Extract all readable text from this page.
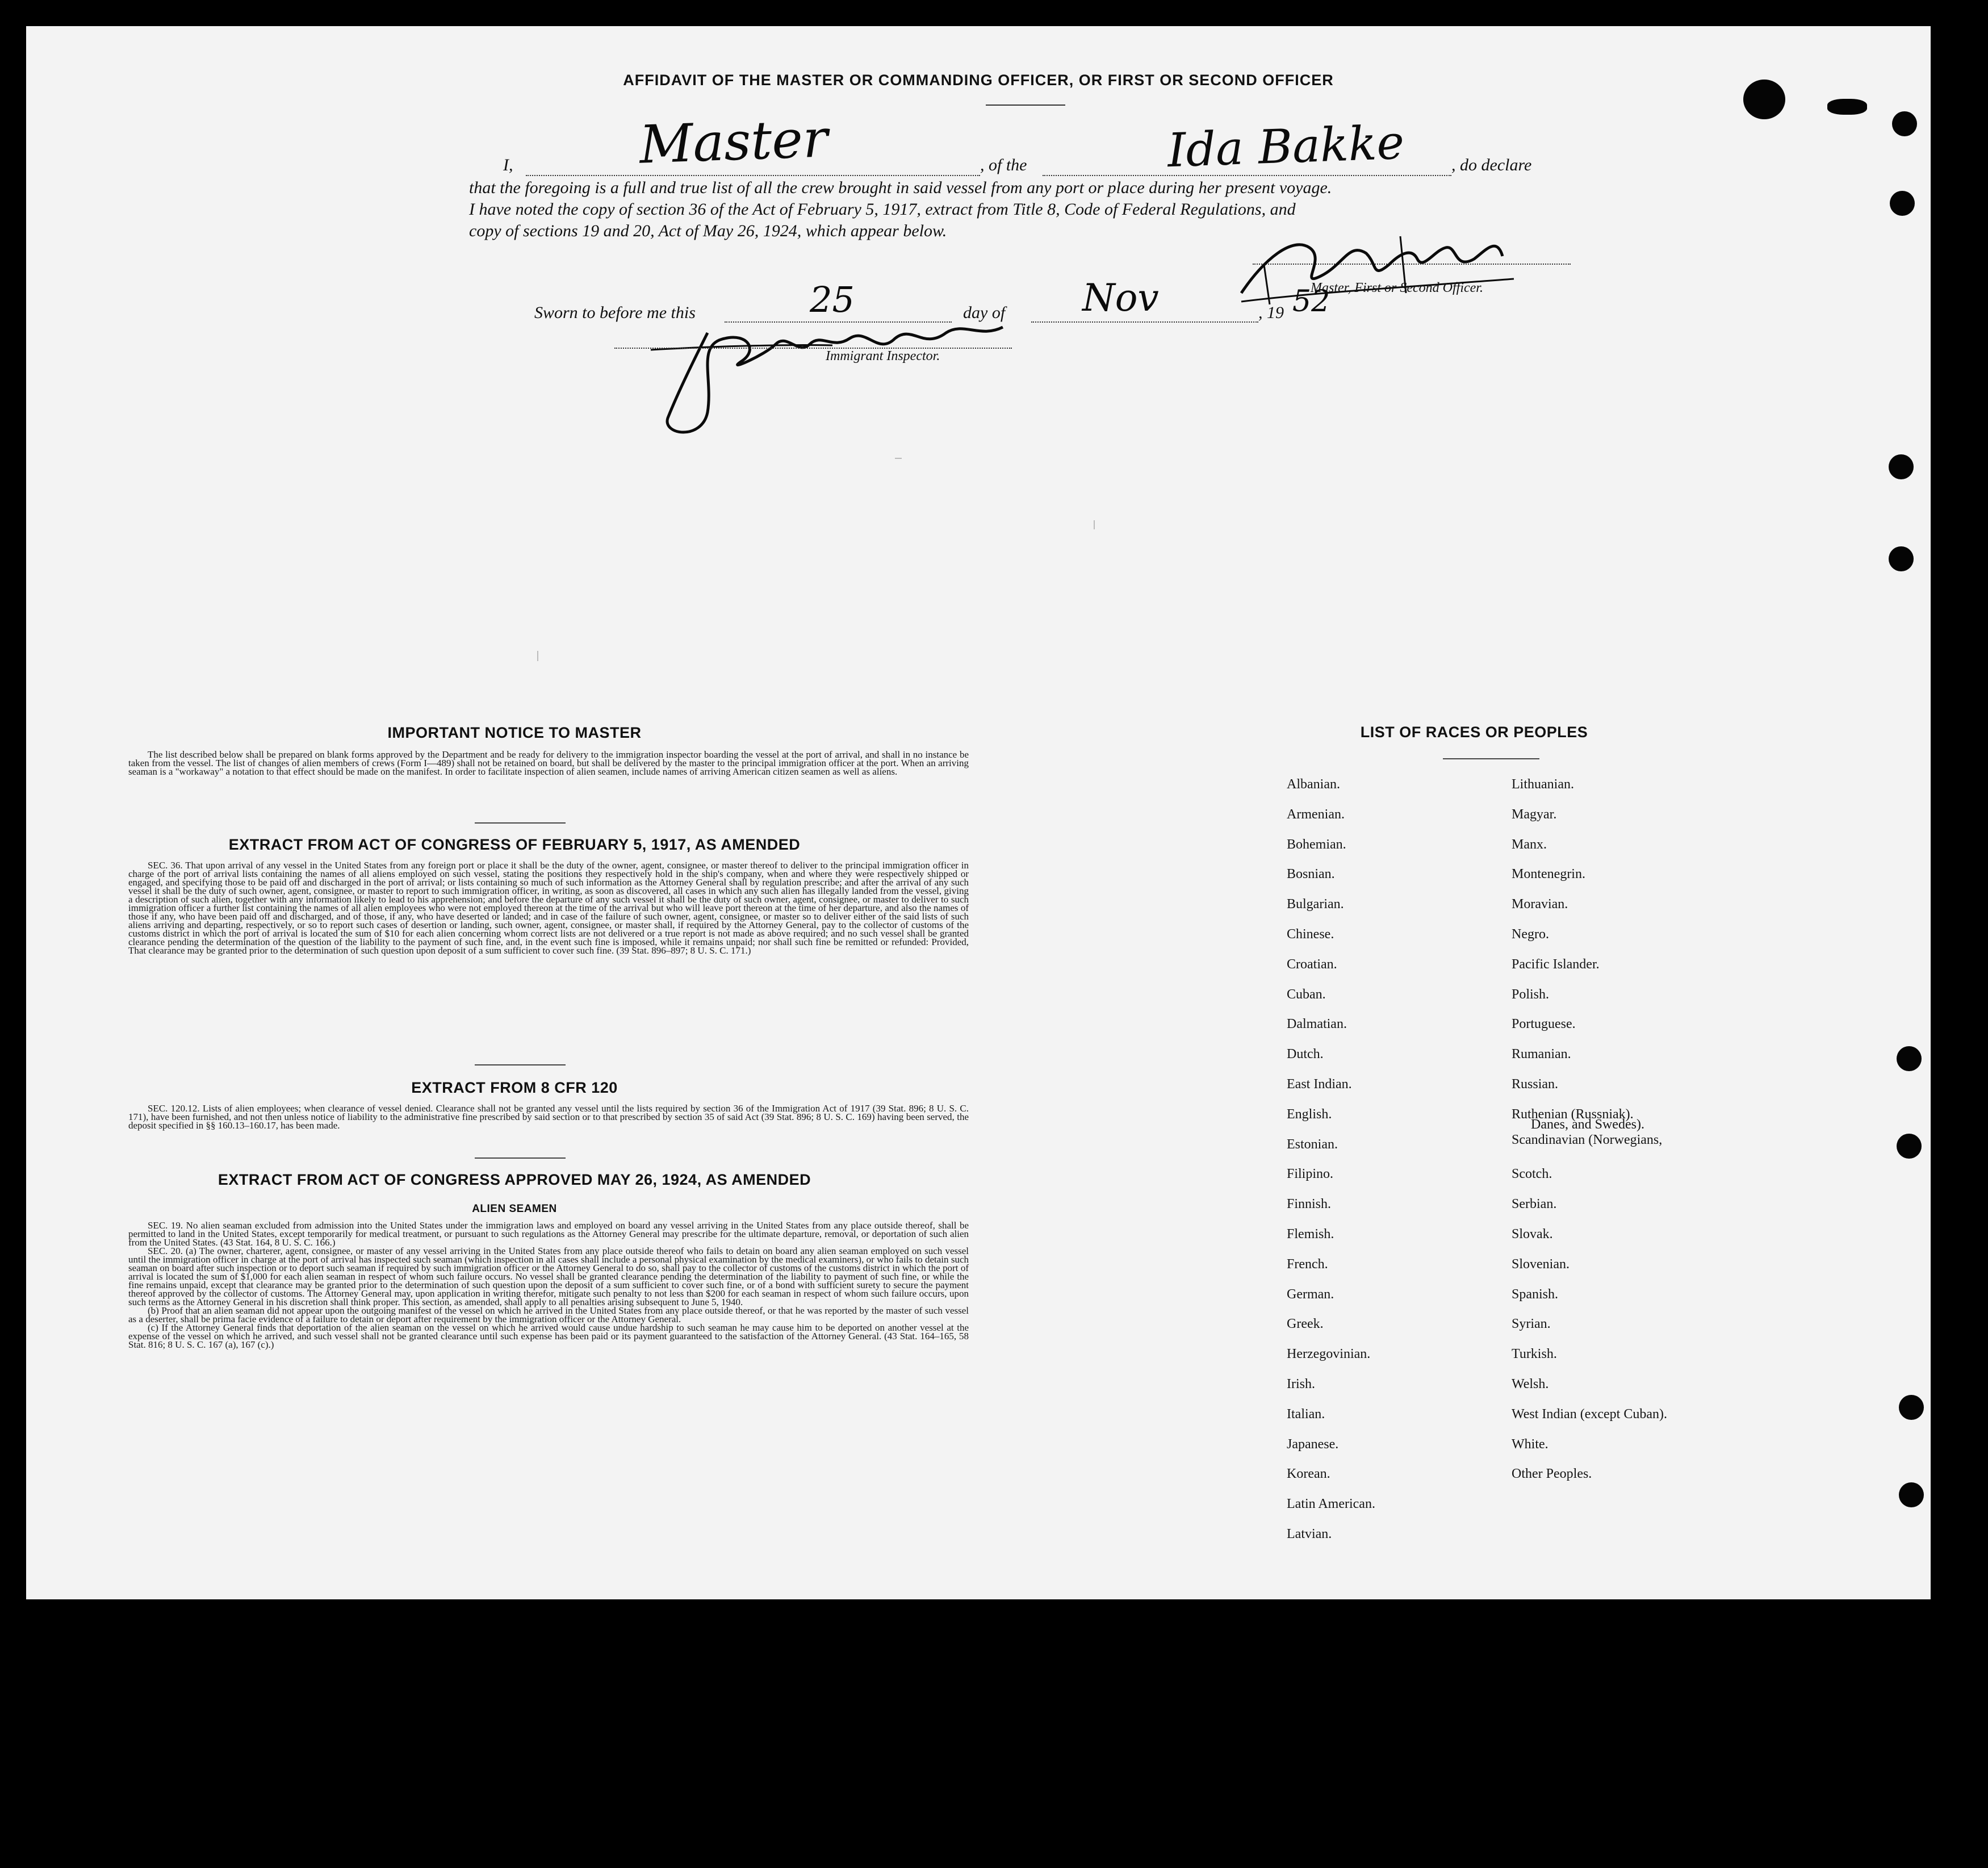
AFFIDAVIT OF THE MASTER OR COMMANDING OFFICER, OR FIRST OR SECOND OFFICER
I, Master	, of the	Ida Bakke	, do declare
that the foregoing is a full and true list of all the crew brought in said vessel from any port or place during her present voyage.
I have noted the copy of section 36 of the Act of February 5, 1917, extract from Title 8, Code of Federal Regulations, and
copy of sections 19 and 20, Act of May 26, 1924, which appear below.
Master, First or Second Officer.
Sworn to before me this	25	day of Nov	, 19 52
Immigrant Inspector.
IMPORTANT NOTICE TO MASTER

The list described below shall be prepared on blank forms approved by the Department and be ready for delivery to the immigration inspector boarding the vessel at the port of arrival, and shall in no instance be taken from the vessel. The list of changes of alien members of crews (Form I—489) shall not be retained on board, but shall be delivered by the master to the principal immigration officer at the port. When an arriving seaman is a "workaway" a notation to that effect should be made on the manifest. In order to facilitate inspection of alien seamen, include names of arriving American citizen seamen as well as aliens.

EXTRACT FROM ACT OF CONGRESS OF FEBRUARY 5, 1917, AS AMENDED

SEC. 36. That upon arrival of any vessel in the United States from any foreign port or place it shall be the duty of the owner, agent, consignee, or master thereof to deliver to the principal immigration officer in charge of the port of arrival lists containing the names of all aliens employed on such vessel, stating the positions they respectively hold in the ship's company, when and where they were respectively shipped or engaged, and specifying those to be paid off and discharged in the port of arrival; or lists containing so much of such information as the Attorney General shall by regulation prescribe; and after the arrival of any such vessel it shall be the duty of such owner, agent, consignee, or master to report to such immigration officer, in writing, as soon as discovered, all cases in which any such alien has illegally landed from the vessel, giving a description of such alien, together with any information likely to lead to his apprehension; and before the departure of any such vessel it shall be the duty of such owner, agent, consignee, or master to deliver to such immigration officer a further list containing the names of all alien employees who were not employed thereon at the time of the arrival but who will leave port thereon at the time of her departure, and also the names of those if any, who have been paid off and discharged, and of those, if any, who have deserted or landed; and in case of the failure of such owner, agent, consignee, or master so to deliver either of the said lists of such aliens arriving and departing, respectively, or so to report such cases of desertion or landing, such owner, agent, consignee, or master shall, if required by the Attorney General, pay to the collector of customs of the customs district in which the port of arrival is located the sum of $10 for each alien concerning whom correct lists are not delivered or a true report is not made as above required; and no such vessel shall be granted clearance pending the determination of the question of the liability to the payment of such fine, and, in the event such fine is imposed, while it remains unpaid; nor shall such fine be remitted or refunded: Provided, That clearance may be granted prior to the determination of such question upon deposit of a sum sufficient to cover such fine. (39 Stat. 896–897; 8 U. S. C. 171.)

EXTRACT FROM 8 CFR 120

SEC. 120.12. Lists of alien employees; when clearance of vessel denied. Clearance shall not be granted any vessel until the lists required by section 36 of the Immigration Act of 1917 (39 Stat. 896; 8 U. S. C. 171), have been furnished, and not then unless notice of liability to the administrative fine prescribed by said section or to that prescribed by section 35 of said Act (39 Stat. 896; 8 U. S. C. 169) having been served, the deposit specified in §§ 160.13–160.17, has been made.

EXTRACT FROM ACT OF CONGRESS APPROVED MAY 26, 1924, AS AMENDED
ALIEN SEAMEN

SEC. 19. No alien seaman excluded from admission into the United States under the immigration laws and employed on board any vessel arriving in the United States from any place outside thereof, shall be permitted to land in the United States, except temporarily for medical treatment, or pursuant to such regulations as the Attorney General may prescribe for the ultimate departure, removal, or deportation of such alien from the United States. (43 Stat. 164, 8 U. S. C. 166.)

SEC. 20. (a) The owner, charterer, agent, consignee, or master of any vessel arriving in the United States from any place outside thereof who fails to detain on board any alien seaman employed on such vessel until the immigration officer in charge at the port of arrival has inspected such seaman (which inspection in all cases shall include a personal physical examination by the medical examiners), or who fails to detain such seaman on board after such inspection or to deport such seaman if required by such immigration officer or the Attorney General to do so, shall pay to the collector of customs of the customs district in which the port of arrival is located the sum of $1,000 for each alien seaman in respect of whom such failure occurs. No vessel shall be granted clearance pending the determination of the liability to payment of such fine, or while the fine remains unpaid, except that clearance may be granted prior to the determination of such question upon the deposit of a sum sufficient to cover such fine, or of a bond with sufficient surety to secure the payment thereof approved by the collector of customs. The Attorney General may, upon application in writing therefor, mitigate such penalty to not less than $200 for each seaman in respect of whom such failure occurs, upon such terms as the Attorney General in his discretion shall think proper. This section, as amended, shall apply to all penalties arising subsequent to June 5, 1940.

(b) Proof that an alien seaman did not appear upon the outgoing manifest of the vessel on which he arrived in the United States from any place outside thereof, or that he was reported by the master of such vessel as a deserter, shall be prima facie evidence of a failure to detain or deport after requirement by the immigration officer or the Attorney General.

(c) If the Attorney General finds that deportation of the alien seaman on the vessel on which he arrived would cause undue hardship to such seaman he may cause him to be deported on another vessel at the expense of the vessel on which he arrived, and such vessel shall not be granted clearance until such expense has been paid or its payment guaranteed to the satisfaction of the Attorney General. (43 Stat. 164–165, 58 Stat. 816; 8 U. S. C. 167 (a), 167 (c).)

LIST OF RACES OR PEOPLES
Albanian.
Armenian.
Bohemian.
Bosnian.
Bulgarian.
Chinese.
Croatian.
Cuban.
Dalmatian.
Dutch.
East Indian.
English.
Estonian.
Filipino.
Finnish.
Flemish.
French.
German.
Greek.
Herzegovinian.
Irish.
Italian.
Japanese.
Korean.
Latin American.
Latvian.
Lithuanian.
Magyar.
Manx.
Montenegrin.
Moravian.
Negro.
Pacific Islander.
Polish.
Portuguese.
Rumanian.
Russian.
Ruthenian (Russniak).
Scandinavian (Norwegians,
Danes, and Swedes).
Scotch.
Serbian.
Slovak.
Slovenian.
Spanish.
Syrian.
Turkish.
Welsh.
West Indian (except Cuban).
White.
Other Peoples.
